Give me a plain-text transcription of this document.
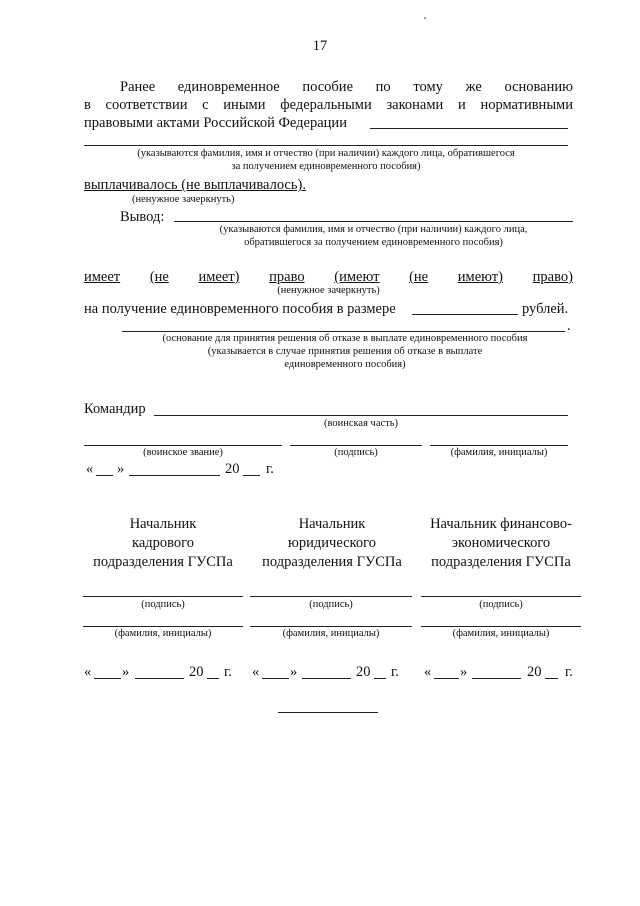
17
Ранее единовременное пособие по тому же основанию
в соответствии с иными федеральными законами и нормативными
правовыми актами Российской Федерации
(указываются фамилия, имя и отчество (при наличии) каждого лица, обратившегося
за получением единовременного пособия)
выплачивалось (не выплачивалось).
(ненужное зачеркнуть)
Вывод:
(указываются фамилия, имя и отчество (при наличии) каждого лица,
обратившегося за получением единовременного пособия)
имеет (не имеет) право (имеют (не имеют) право)
(ненужное зачеркнуть)
на получение единовременного пособия в размере	рублей.
.
(основание для принятия решения об отказе в выплате единовременного пособия
(указывается в случае принятия решения об отказе в выплате
единовременного пособия)
Командир
(воинская часть)
(воинское звание)	(подпись)	(фамилия, инициалы)
« »	20 г.
Начальник
кадрового
подразделения ГУСПа
(подпись)
(фамилия, инициалы)
« »	20 г.
Начальник
юридического
подразделения ГУСПа
(подпись)
(фамилия, инициалы)
« »	20 г.
Начальник финансово-
экономического
подразделения ГУСПа
(подпись)
(фамилия, инициалы)
« »	20 г.
